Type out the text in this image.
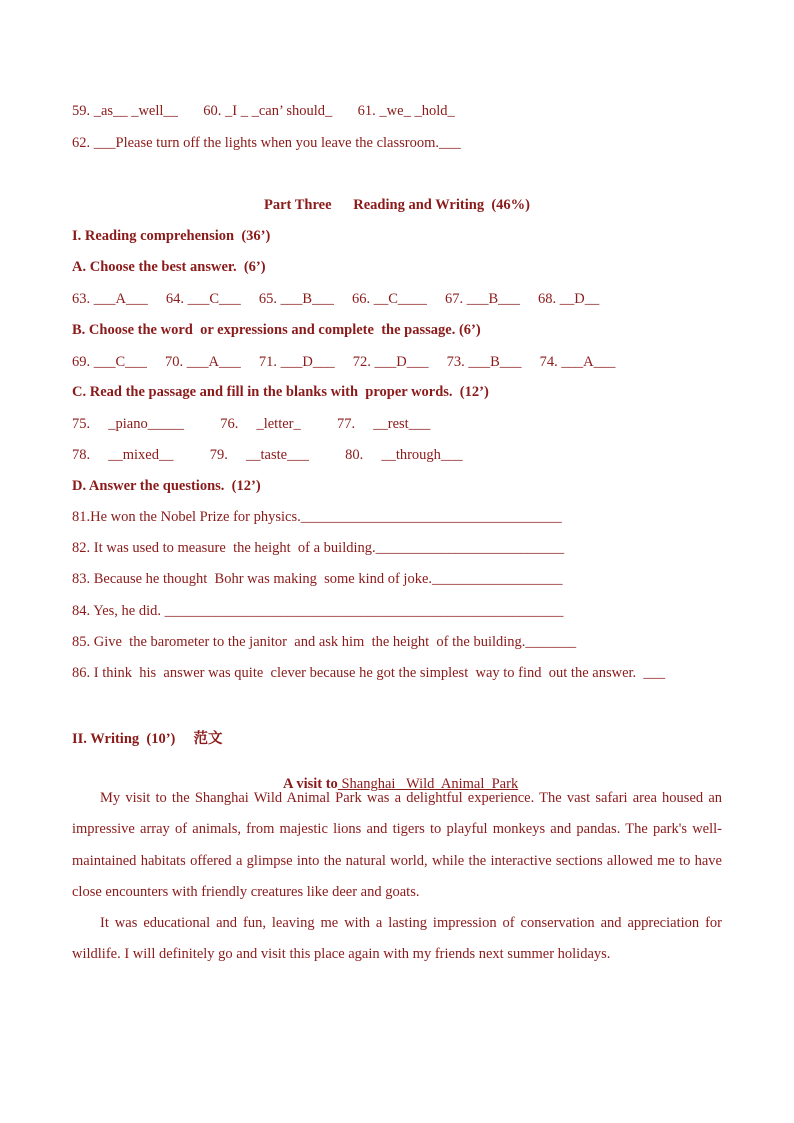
59. _as__ _well__       60. _I _ _can’ should_       61. _we_ _hold_
62. ___Please turn off the lights when you leave the classroom.___
Part Three      Reading and Writing  (46%)
I. Reading comprehension  (36’)
A. Choose the best answer.  (6’)
63. ___A___     64. ___C___     65. ___B___     66. __C____     67. ___B___     68. __D__
B. Choose the word  or expressions and complete  the passage. (6’)
69. ___C___     70. ___A___     71. ___D___     72. ___D___     73. ___B___     74. ___A___
C. Read the passage and fill in the blanks with  proper words.  (12’)
75.     _piano_____          76.     _letter_          77.     __rest___
78.     __mixed__          79.     __taste___          80.     __through___
D. Answer the questions.  (12’)
81.He won the Nobel Prize for physics.____________________________________
82. It was used to measure  the height  of a building.__________________________
83. Because he thought  Bohr was making  some kind of joke.__________________
84. Yes, he did. _______________________________________________________
85. Give  the barometer to the janitor  and ask him  the height  of the building._______
86. I think  his  answer was quite  clever because he got the simplest  way to find  out the answer.  ___
II. Writing  (10’)     范文

A visit to Shanghai   Wild  Animal  Park

My visit to the Shanghai Wild Animal Park was a delightful experience. The vast safari area housed an impressive array of animals, from majestic lions and tigers to playful monkeys and pandas. The park's well-maintained habitats offered a glimpse into the natural world, while the interactive sections allowed me to have close encounters with friendly creatures like deer and goats.

It was educational and fun, leaving me with a lasting impression of conservation and appreciation for wildlife. I will definitely go and visit this place again with my friends next summer holidays.
